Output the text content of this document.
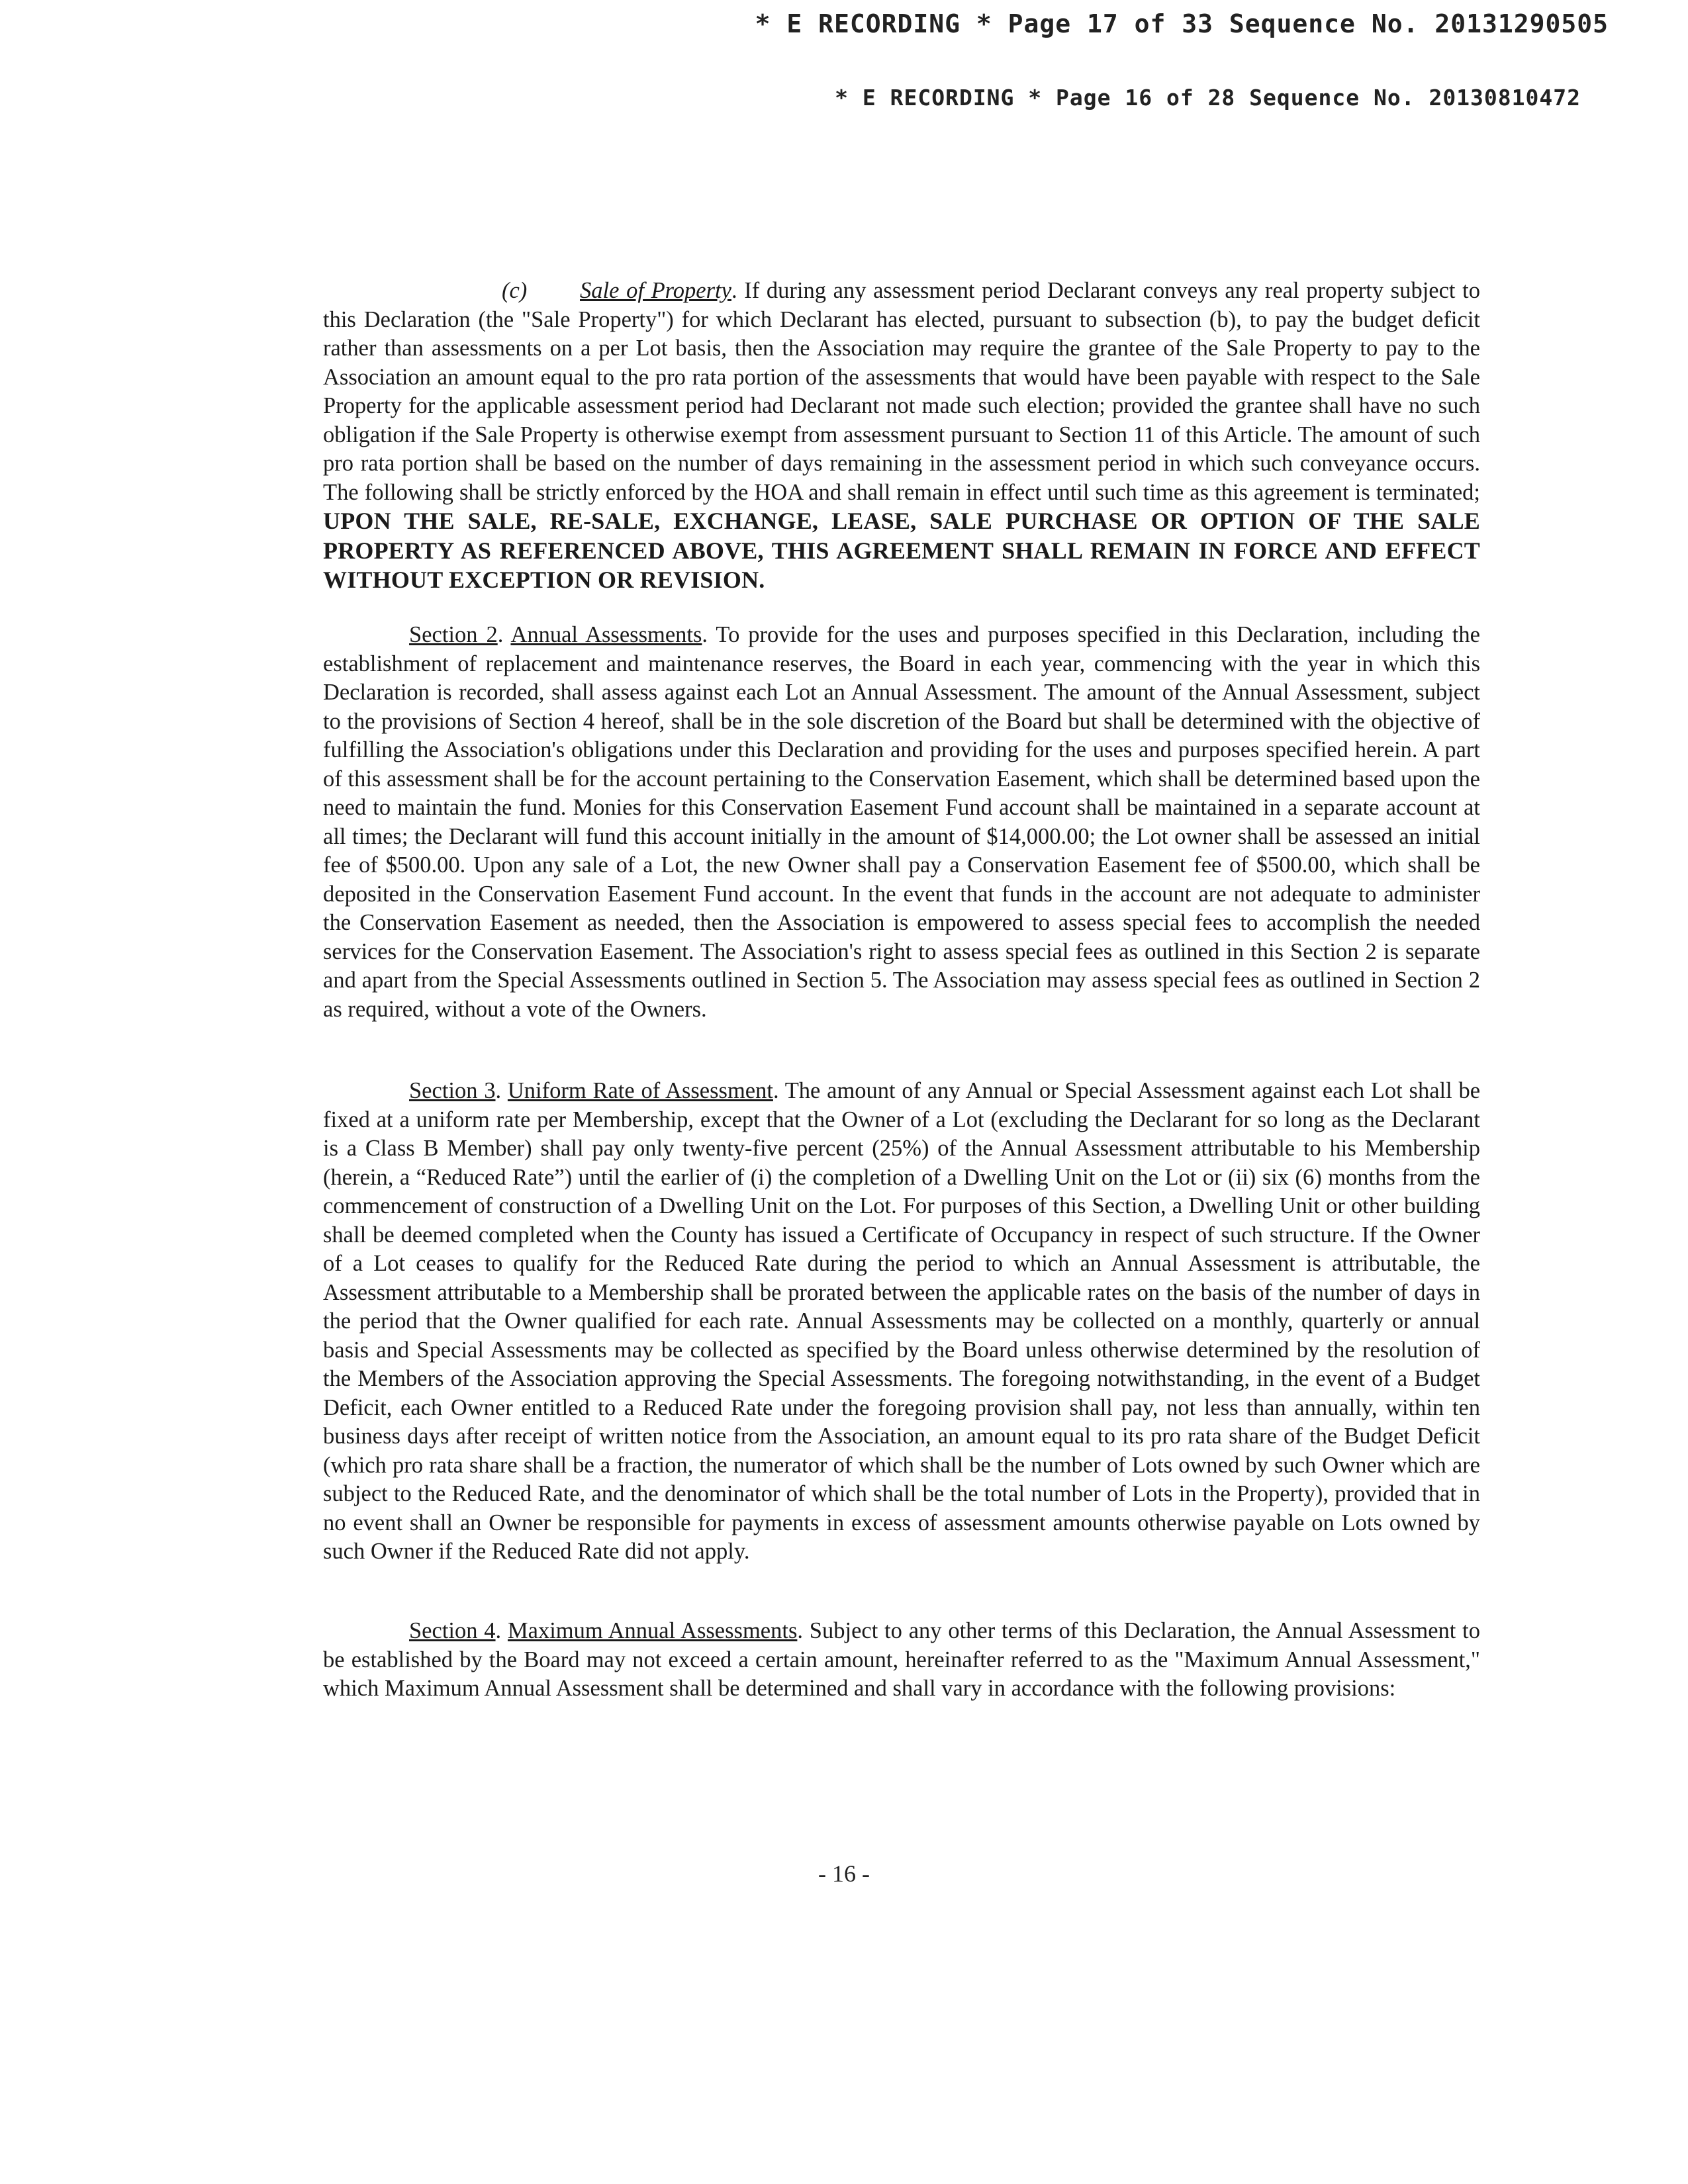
* E RECORDING * Page 17 of 33 Sequence No. 20131290505
* E RECORDING * Page 16 of 28 Sequence No. 20130810472

(c) Sale of Property. If during any assessment period Declarant conveys any real property subject to this Declaration (the "Sale Property") for which Declarant has elected, pursuant to subsection (b), to pay the budget deficit rather than assessments on a per Lot basis, then the Association may require the grantee of the Sale Property to pay to the Association an amount equal to the pro rata portion of the assessments that would have been payable with respect to the Sale Property for the applicable assessment period had Declarant not made such election; provided the grantee shall have no such obligation if the Sale Property is otherwise exempt from assessment pursuant to Section 11 of this Article. The amount of such pro rata portion shall be based on the number of days remaining in the assessment period in which such conveyance occurs. The following shall be strictly enforced by the HOA and shall remain in effect until such time as this agreement is terminated; UPON THE SALE, RE-SALE, EXCHANGE, LEASE, SALE PURCHASE OR OPTION OF THE SALE PROPERTY AS REFERENCED ABOVE, THIS AGREEMENT SHALL REMAIN IN FORCE AND EFFECT WITHOUT EXCEPTION OR REVISION.

Section 2. Annual Assessments. To provide for the uses and purposes specified in this Declaration, including the establishment of replacement and maintenance reserves, the Board in each year, commencing with the year in which this Declaration is recorded, shall assess against each Lot an Annual Assessment. The amount of the Annual Assessment, subject to the provisions of Section 4 hereof, shall be in the sole discretion of the Board but shall be determined with the objective of fulfilling the Association's obligations under this Declaration and providing for the uses and purposes specified herein. A part of this assessment shall be for the account pertaining to the Conservation Easement, which shall be determined based upon the need to maintain the fund. Monies for this Conservation Easement Fund account shall be maintained in a separate account at all times; the Declarant will fund this account initially in the amount of $14,000.00; the Lot owner shall be assessed an initial fee of $500.00. Upon any sale of a Lot, the new Owner shall pay a Conservation Easement fee of $500.00, which shall be deposited in the Conservation Easement Fund account. In the event that funds in the account are not adequate to administer the Conservation Easement as needed, then the Association is empowered to assess special fees to accomplish the needed services for the Conservation Easement. The Association's right to assess special fees as outlined in this Section 2 is separate and apart from the Special Assessments outlined in Section 5. The Association may assess special fees as outlined in Section 2 as required, without a vote of the Owners.

Section 3. Uniform Rate of Assessment. The amount of any Annual or Special Assessment against each Lot shall be fixed at a uniform rate per Membership, except that the Owner of a Lot (excluding the Declarant for so long as the Declarant is a Class B Member) shall pay only twenty-five percent (25%) of the Annual Assessment attributable to his Membership (herein, a “Reduced Rate”) until the earlier of (i) the completion of a Dwelling Unit on the Lot or (ii) six (6) months from the commencement of construction of a Dwelling Unit on the Lot. For purposes of this Section, a Dwelling Unit or other building shall be deemed completed when the County has issued a Certificate of Occupancy in respect of such structure. If the Owner of a Lot ceases to qualify for the Reduced Rate during the period to which an Annual Assessment is attributable, the Assessment attributable to a Membership shall be prorated between the applicable rates on the basis of the number of days in the period that the Owner qualified for each rate. Annual Assessments may be collected on a monthly, quarterly or annual basis and Special Assessments may be collected as specified by the Board unless otherwise determined by the resolution of the Members of the Association approving the Special Assessments. The foregoing notwithstanding, in the event of a Budget Deficit, each Owner entitled to a Reduced Rate under the foregoing provision shall pay, not less than annually, within ten business days after receipt of written notice from the Association, an amount equal to its pro rata share of the Budget Deficit (which pro rata share shall be a fraction, the numerator of which shall be the number of Lots owned by such Owner which are subject to the Reduced Rate, and the denominator of which shall be the total number of Lots in the Property), provided that in no event shall an Owner be responsible for payments in excess of assessment amounts otherwise payable on Lots owned by such Owner if the Reduced Rate did not apply.

Section 4. Maximum Annual Assessments. Subject to any other terms of this Declaration, the Annual Assessment to be established by the Board may not exceed a certain amount, hereinafter referred to as the "Maximum Annual Assessment," which Maximum Annual Assessment shall be determined and shall vary in accordance with the following provisions:

- 16 -
